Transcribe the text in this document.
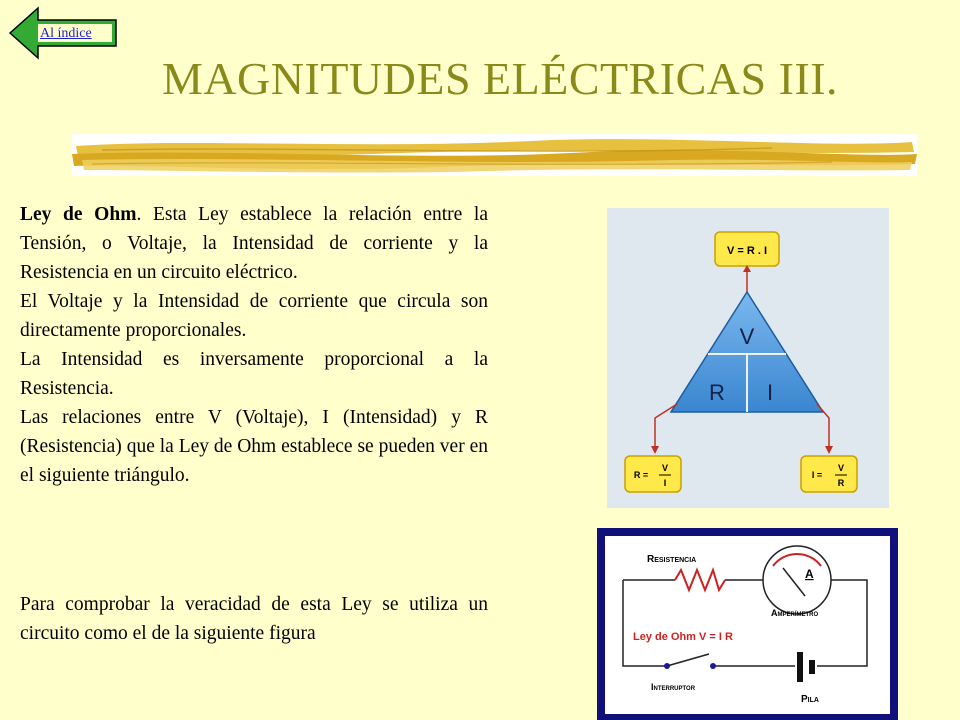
Al índice
MAGNITUDES ELÉCTRICAS III.

Ley de Ohm. Esta Ley establece la relación entre la Tensión, o Voltaje, la Intensidad de corriente y la Resistencia en un circuito eléctrico.

El Voltaje y la Intensidad de corriente que circula son directamente proporcionales.

La Intensidad es inversamente proporcional a la Resistencia.

Las relaciones entre V (Voltaje), I (Intensidad) y R (Resistencia) que la Ley de Ohm establece se pueden ver en el siguiente triángulo.

Para comprobar la veracidad de esta Ley se utiliza un circuito como el de la siguiente figura
V = R . I
V
R I
R =
V
I
I =
V
R
Resistencia
A
Amperímetro
Ley de Ohm V = I R
Interruptor
Pila
